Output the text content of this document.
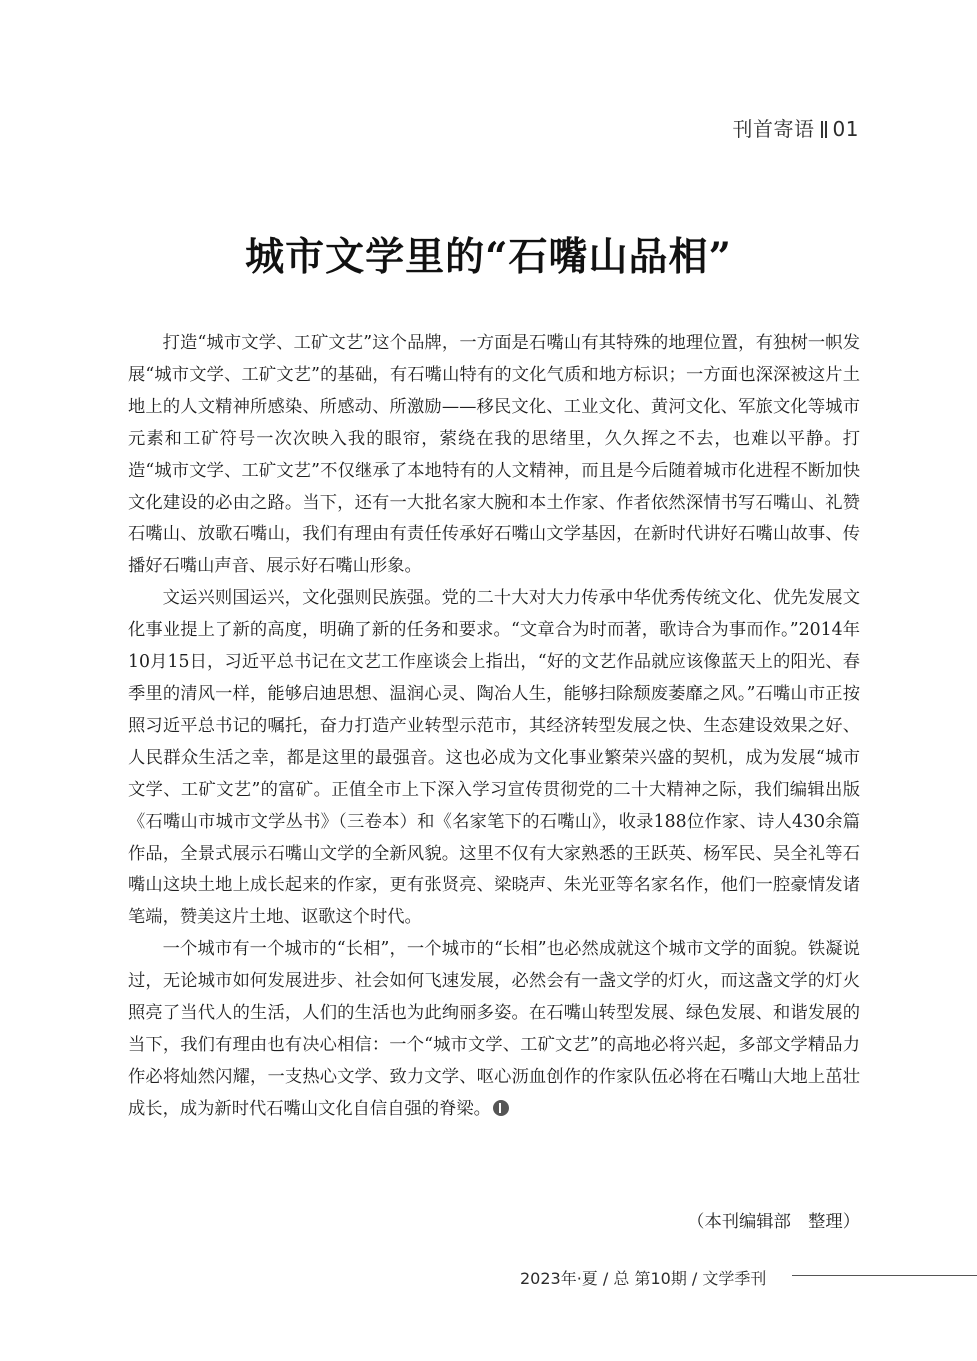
刊首寄语 01
城市文学里的“石嘴山品相”

打造“城市文学、工矿文艺”这个品牌，一方面是石嘴山有其特殊的地理位置，有独树一帜发展“城市文学、工矿文艺”的基础，有石嘴山特有的文化气质和地方标识；一方面也深深被这片土地上的人文精神所感染、所感动、所激励——移民文化、工业文化、黄河文化、军旅文化等城市元素和工矿符号一次次映入我的眼帘，萦绕在我的思绪里，久久挥之不去，也难以平静。打造“城市文学、工矿文艺”不仅继承了本地特有的人文精神，而且是今后随着城市化进程不断加快文化建设的必由之路。当下，还有一大批名家大腕和本土作家、作者依然深情书写石嘴山、礼赞石嘴山、放歌石嘴山，我们有理由有责任传承好石嘴山文学基因，在新时代讲好石嘴山故事、传播好石嘴山声音、展示好石嘴山形象。

文运兴则国运兴，文化强则民族强。党的二十大对大力传承中华优秀传统文化、优先发展文化事业提上了新的高度，明确了新的任务和要求。“文章合为时而著，歌诗合为事而作。”2014年10月15日，习近平总书记在文艺工作座谈会上指出，“好的文艺作品就应该像蓝天上的阳光、春季里的清风一样，能够启迪思想、温润心灵、陶冶人生，能够扫除颓废萎靡之风。”石嘴山市正按照习近平总书记的嘱托，奋力打造产业转型示范市，其经济转型发展之快、生态建设效果之好、人民群众生活之幸，都是这里的最强音。这也必成为文化事业繁荣兴盛的契机，成为发展“城市文学、工矿文艺”的富矿。正值全市上下深入学习宣传贯彻党的二十大精神之际，我们编辑出版《石嘴山市城市文学丛书》（三卷本）和《名家笔下的石嘴山》，收录188位作家、诗人430余篇作品，全景式展示石嘴山文学的全新风貌。这里不仅有大家熟悉的王跃英、杨军民、吴全礼等石嘴山这块土地上成长起来的作家，更有张贤亮、梁晓声、朱光亚等名家名作，他们一腔豪情发诸笔端，赞美这片土地、讴歌这个时代。

一个城市有一个城市的“长相”，一个城市的“长相”也必然成就这个城市文学的面貌。铁凝说过，无论城市如何发展进步、社会如何飞速发展，必然会有一盏文学的灯火，而这盏文学的灯火照亮了当代人的生活，人们的生活也为此绚丽多姿。在石嘴山转型发展、绿色发展、和谐发展的当下，我们有理由也有决心相信：一个“城市文学、工矿文艺”的高地必将兴起，多部文学精品力作必将灿然闪耀，一支热心文学、致力文学、呕心沥血创作的作家队伍必将在石嘴山大地上茁壮成长，成为新时代石嘴山文化自信自强的脊梁。

（本刊编辑部　整理）
2023年·夏 / 总 第10期 / 文学季刊
